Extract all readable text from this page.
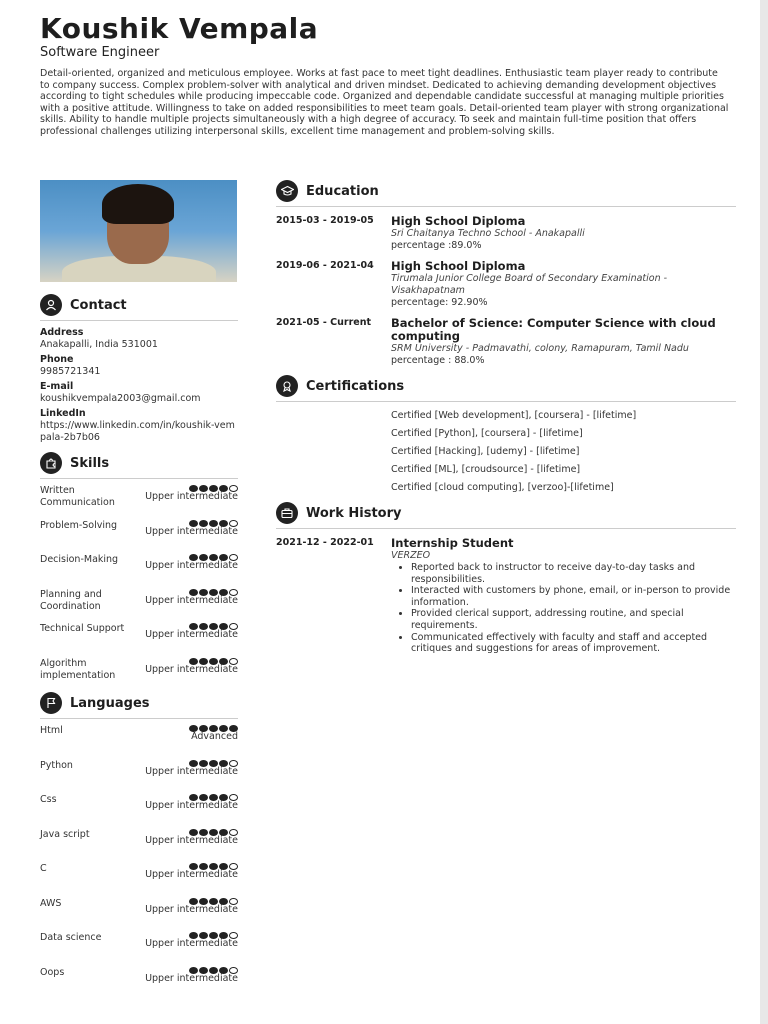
Koushik Vempala
Software Engineer
Detail-oriented, organized and meticulous employee. Works at fast pace to meet tight deadlines. Enthusiastic team player ready to contribute to company success. Complex problem-solver with analytical and driven mindset. Dedicated to achieving demanding development objectives according to tight schedules while producing impeccable code. Organized and dependable candidate successful at managing multiple priorities with a positive attitude. Willingness to take on added responsibilities to meet team goals. Detail-oriented team player with strong organizational skills. Ability to handle multiple projects simultaneously with a high degree of accuracy. To seek and maintain full-time position that offers professional challenges utilizing interpersonal skills, excellent time management and problem-solving skills.
Contact
Address
Anakapalli, India 531001
Phone
9985721341
E-mail
koushikvempala2003@gmail.com
LinkedIn
https://www.linkedin.com/in/koushik-vempala-2b7b06
Skills
Written Communication
Upper intermediate
Problem-Solving
Upper intermediate
Decision-Making
Upper intermediate
Planning and Coordination
Upper intermediate
Technical Support
Upper intermediate
Algorithm implementation
Upper intermediate
Languages
Html
Advanced
Python
Upper intermediate
Css
Upper intermediate
Java script
Upper intermediate
C
Upper intermediate
AWS
Upper intermediate
Data science
Upper intermediate
Oops
Upper intermediate
Education
2015-03 - 2019-05	High School Diploma
Sri Chaitanya Techno School - Anakapalli
percentage :89.0%
2019-06 - 2021-04	High School Diploma
Tirumala Junior College Board of Secondary Examination - Visakhapatnam
percentage: 92.90%
2021-05 - Current	Bachelor of Science: Computer Science with cloud computing
SRM University - Padmavathi, colony, Ramapuram, Tamil Nadu
percentage : 88.0%
Certifications
Certified [Web development], [coursera] - [lifetime]
Certified [Python], [coursera] - [lifetime]
Certified [Hacking], [udemy] - [lifetime]
Certified [ML], [croudsource] - [lifetime]
Certified [cloud computing], [verzoo]-[lifetime]
Work History
2021-12 - 2022-01	Internship Student
VERZEO
• Reported back to instructor to receive day-to-day tasks and responsibilities.
• Interacted with customers by phone, email, or in-person to provide information.
• Provided clerical support, addressing routine, and special requirements.
• Communicated effectively with faculty and staff and accepted critiques and suggestions for areas of improvement.
